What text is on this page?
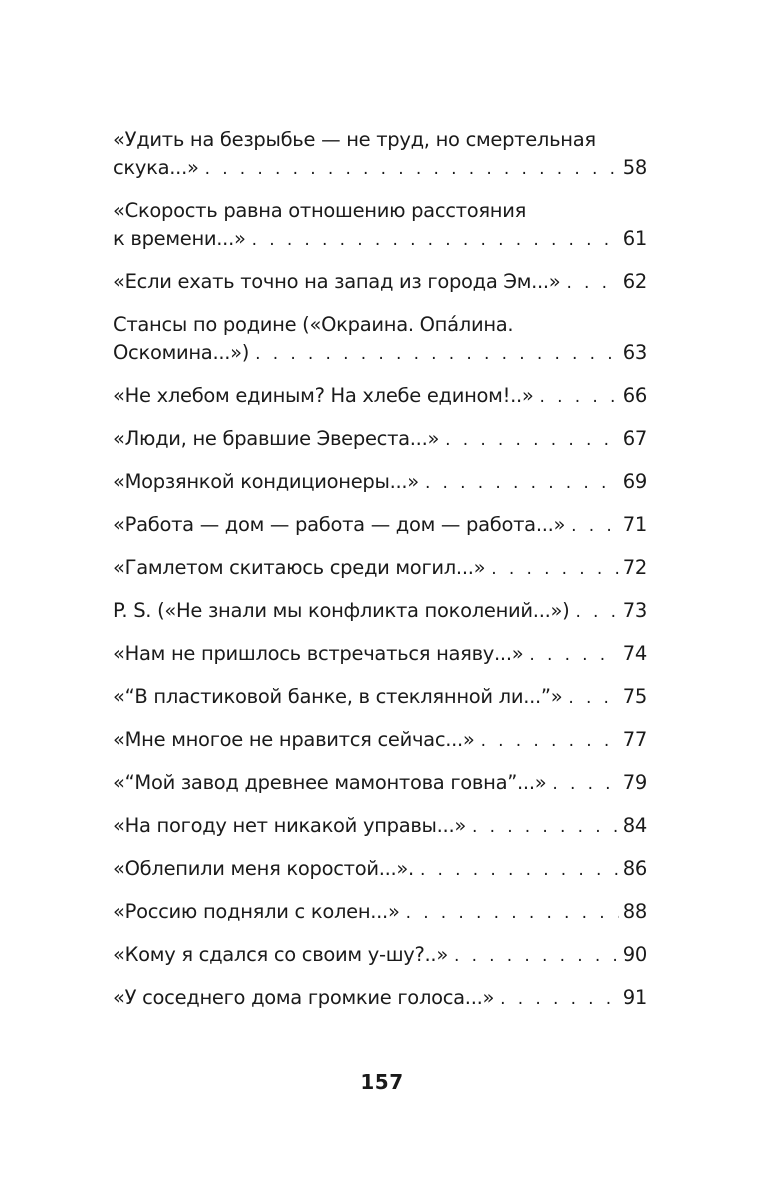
«Удить на безрыбье — не труд, но смертельная
скука...» . . .	58
«Скорость равна отношению расстояния
к времени...» . . .	61
«Если ехать точно на запад из города Эм...» . . .	62
Стансы по родине («Окраина. Опáлина.
Оскомина...») . . .	63
«Не хлебом единым? На хлебе едином!..» . . .	66
«Люди, не бравшие Эвереста...» . . .	67
«Морзянкой кондиционеры...» . . .	69
«Работа — дом — работа — дом — работа...» . . .	71
«Гамлетом скитаюсь среди могил...» . . .	72
P. S. («Не знали мы конфликта поколений...») . . .	73
«Нам не пришлось встречаться наяву...» . . .	74
«“В пластиковой банке, в стеклянной ли...”» . . .	75
«Мне многое не нравится сейчас...» . . .	77
«“Мой завод древнее мамонтова говна”...» . . .	79
«На погоду нет никакой управы...» . . .	84
«Облепили меня коростой...». . . .	86
«Россию подняли с колен...» . . .	88
«Кому я сдался со своим у-шу?..» . . .	90
«У соседнего дома громкие голоса...» . . .	91
157
